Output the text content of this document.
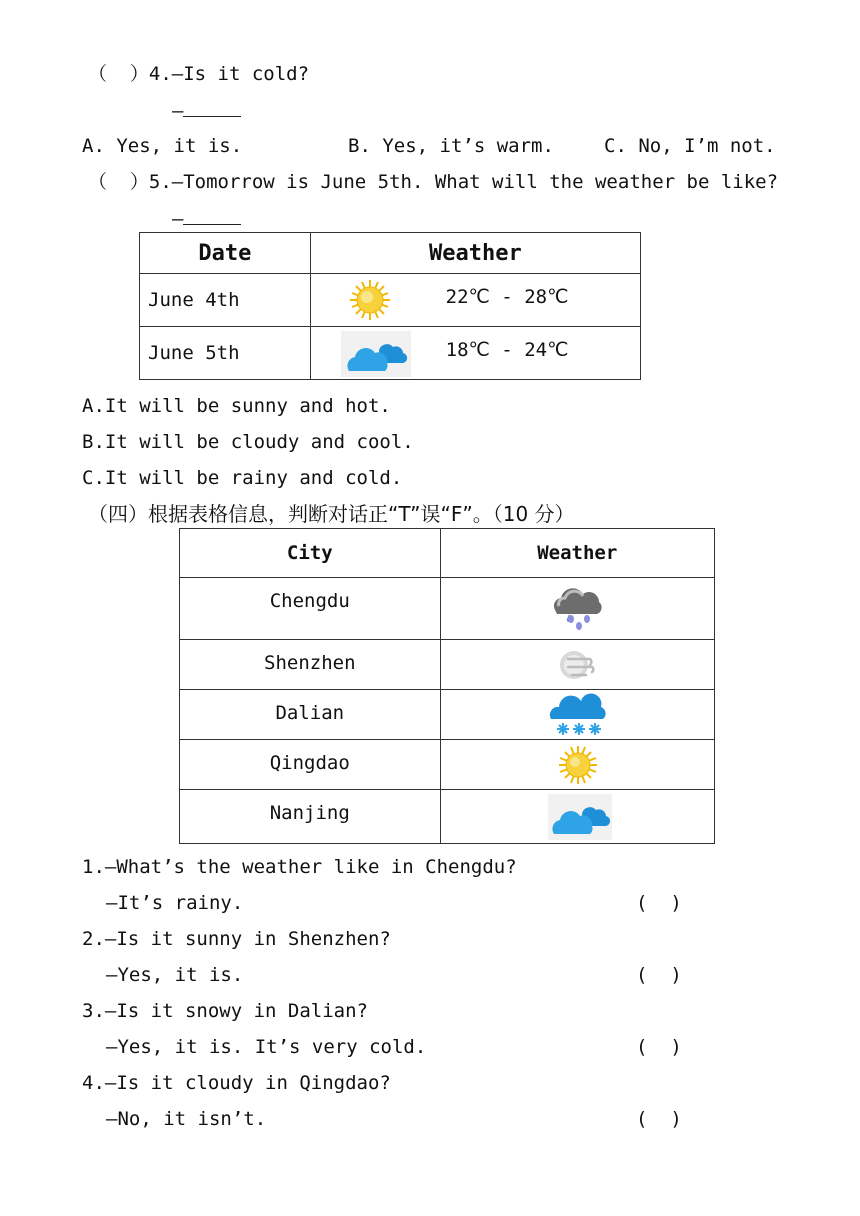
（  ）4.—Is it cold?
—
A. Yes, it is.	B. Yes, it’s warm.	C. No, I’m not.
（  ）5.—Tomorrow is June 5th. What will the weather be like?
—
Date	Weather
June 4th	22℃ - 28℃

June 5th	18℃ - 24℃
A.It will be sunny and hot.
B.It will be cloudy and cool.
C.It will be rainy and cold.
（四）根据表格信息，判断对话正“T”误“F”。（10 分）
City	Weather
Chengdu	

Shenzhen	

Dalian	

Qingdao	

Nanjing	
1.—What’s the weather like in Chengdu?
—It’s rainy.	(  )
2.—Is it sunny in Shenzhen?
—Yes, it is.	(  )
3.—Is it snowy in Dalian?
—Yes, it is. It’s very cold.	(  )
4.—Is it cloudy in Qingdao?
—No, it isn’t.	(  )
